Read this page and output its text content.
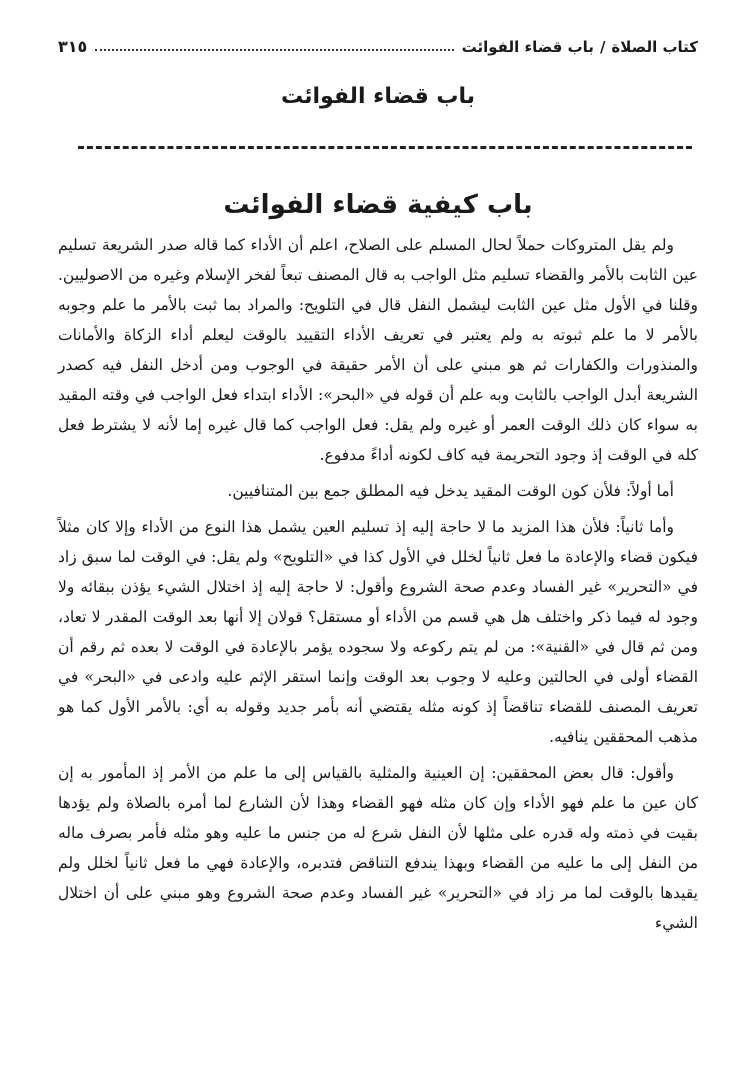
كتاب الصلاة
/
باب قضاء الفوائت
٣١٥
باب قضاء الفوائت
باب كيفية قضاء الفوائت

ولم يقل المتروكات حملاً لحال المسلم على الصلاح، اعلم أن الأداء كما قاله صدر الشريعة تسليم عين الثابت بالأمر والقضاء تسليم مثل الواجب به قال المصنف تبعاً لفخر الإسلام وغيره من الاصوليين. وقلنا في الأول مثل عين الثابت ليشمل النفل قال في التلويح: والمراد بما ثبت بالأمر ما علم وجوبه بالأمر لا ما علم ثبوته به ولم يعتبر في تعريف الأداء التقييد بالوقت ليعلم أداء الزكاة والأمانات والمنذورات والكفارات ثم هو مبني على أن الأمر حقيقة في الوجوب ومن أدخل النفل فيه كصدر الشريعة أبدل الواجب بالثابت وبه علم أن قوله في «البحر»: الأداء ابتداء فعل الواجب في وقته المقيد به سواء كان ذلك الوقت العمر أو غيره ولم يقل: فعل الواجب كما قال غيره إما لأنه لا يشترط فعل كله في الوقت إذ وجود التحريمة فيه كاف لكونه أداءً مدفوع.

أما أولاً: فلأن كون الوقت المقيد يدخل فيه المطلق جمع بين المتنافيين.

وأما ثانياً: فلأن هذا المزيد ما لا حاجة إليه إذ تسليم العين يشمل هذا النوع من الأداء وإلا كان مثلاً فيكون قضاء والإعادة ما فعل ثانياً لخلل في الأول كذا في «التلويح» ولم يقل: في الوقت لما سبق زاد في «التحرير» غير الفساد وعدم صحة الشروع وأقول: لا حاجة إليه إذ اختلال الشيء يؤذن ببقائه ولا وجود له فيما ذكر واختلف هل هي قسم من الأداء أو مستقل؟ قولان إلا أنها بعد الوقت المقدر لا تعاد، ومن ثم قال في «القنية»: من لم يتم ركوعه ولا سجوده يؤمر بالإعادة في الوقت لا بعده ثم رقم أن القضاء أولى في الحالتين وعليه لا وجوب بعد الوقت وإنما استقر الإثم عليه وادعى في «البحر» في تعريف المصنف للقضاء تناقضاً إذ كونه مثله يقتضي أنه بأمر جديد وقوله به أي: بالأمر الأول كما هو مذهب المحققين ينافيه.

وأقول: قال بعض المحققين: إن العينية والمثلية بالقياس إلى ما علم من الأمر إذ المأمور به إن كان عين ما علم فهو الأداء وإن كان مثله فهو القضاء وهذا لأن الشارع لما أمره بالصلاة ولم يؤدها بقيت في ذمته وله قدره على مثلها لأن النفل شرع له من جنس ما عليه وهو مثله فأمر بصرف ماله من النفل إلى ما عليه من القضاء وبهذا يندفع التناقض فتدبره، والإعادة فهي ما فعل ثانياً لخلل ولم يقيدها بالوقت لما مر زاد في «التحرير» غير الفساد وعدم صحة الشروع وهو مبني على أن اختلال الشيء
